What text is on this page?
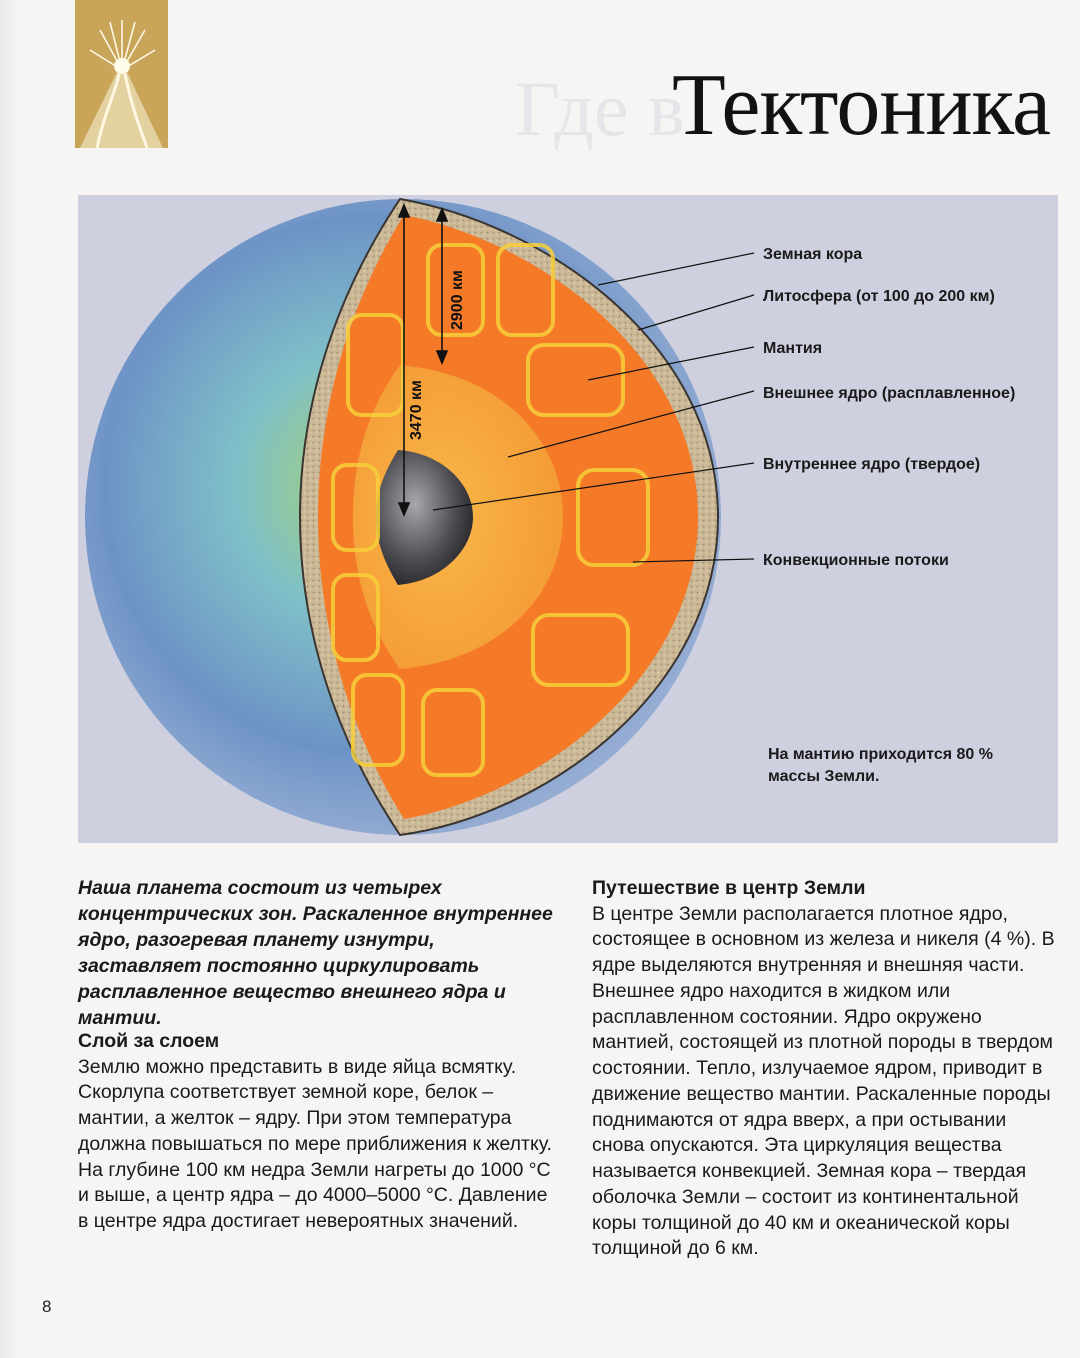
Где в
Тектоника
3470 км
2900 км
Земная кора
Литосфера (от 100 до 200 км)
Мантия
Внешнее ядро (расплавленное)
Внутреннее ядро (твердое)
Конвекционные потоки
На мантию приходится 80 % массы Земли.
Наша планета состоит из четырех концентрических зон. Раскаленное внутреннее ядро, разогревая планету изнутри, заставляет постоянно циркулировать расплавленное вещество внешнего ядра и мантии.
Слой за слоем

Землю можно представить в виде яйца всмятку. Скорлупа соответствует земной коре, белок – мантии, а желток – ядру. При этом температура должна повышаться по мере приближения к желтку. На глубине 100 км недра Земли нагреты до 1000 °С и выше, а центр ядра – до 4000–5000 °С. Давление в центре ядра достигает невероятных значений.

Путешествие в центр Земли

В центре Земли располагается плотное ядро, состоящее в основном из железа и никеля (4 %). В ядре выделяются внутренняя и внешняя части. Внешнее ядро находится в жидком или расплавленном состоянии. Ядро окружено мантией, состоящей из плотной породы в твердом состоянии. Тепло, излучаемое ядром, приводит в движение вещество мантии. Раскаленные породы поднимаются от ядра вверх, а при остывании снова опускаются. Эта циркуляция вещества называется конвекцией. Земная кора – твердая оболочка Земли – состоит из континентальной коры толщиной до 40 км и океанической коры толщиной до 6 км.

8
